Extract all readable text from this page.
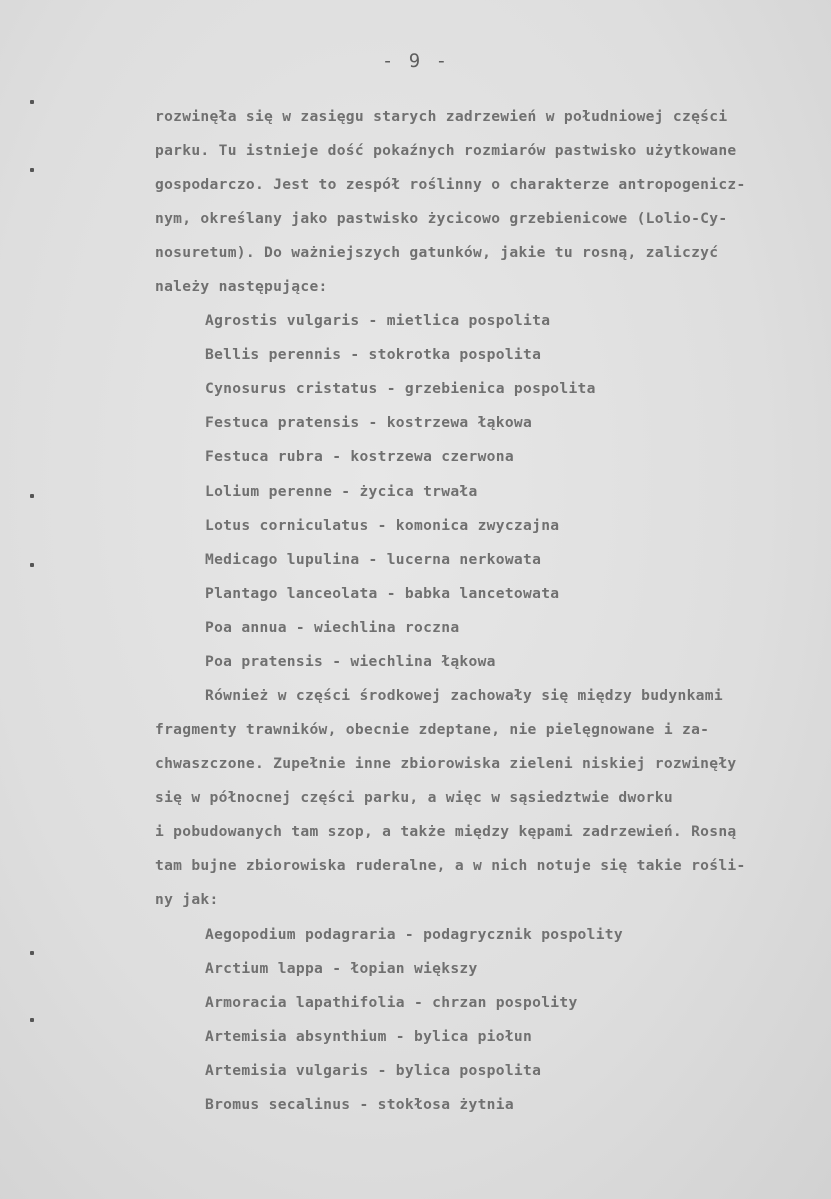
- 9 -
rozwinęła się w zasięgu starych zadrzewień w południowej części
parku. Tu istnieje dość pokaźnych rozmiarów pastwisko użytkowane
gospodarczo. Jest to zespół roślinny o charakterze antropogenicz-
nym, określany jako pastwisko życicowo grzebienicowe (Lolio-Cy-
nosuretum). Do ważniejszych gatunków, jakie tu rosną, zaliczyć
należy następujące:
Agrostis vulgaris - mietlica pospolita
Bellis perennis - stokrotka pospolita
Cynosurus cristatus - grzebienica pospolita
Festuca pratensis - kostrzewa łąkowa
Festuca rubra - kostrzewa czerwona
Lolium perenne - życica trwała
Lotus corniculatus - komonica zwyczajna
Medicago lupulina - lucerna nerkowata
Plantago lanceolata - babka lancetowata
Poa annua - wiechlina roczna
Poa pratensis - wiechlina łąkowa
Również w części środkowej zachowały się między budynkami
fragmenty trawników, obecnie zdeptane, nie pielęgnowane i za-
chwaszczone. Zupełnie inne zbiorowiska zieleni niskiej rozwinęły
się w północnej części parku, a więc w sąsiedztwie dworku
i pobudowanych tam szop, a także między kępami zadrzewień. Rosną
tam bujne zbiorowiska ruderalne, a w nich notuje się takie rośli-
ny jak:
Aegopodium podagraria - podagrycznik pospolity
Arctium lappa - łopian większy
Armoracia lapathifolia - chrzan pospolity
Artemisia absynthium - bylica piołun
Artemisia vulgaris - bylica pospolita
Bromus secalinus - stokłosa żytnia
